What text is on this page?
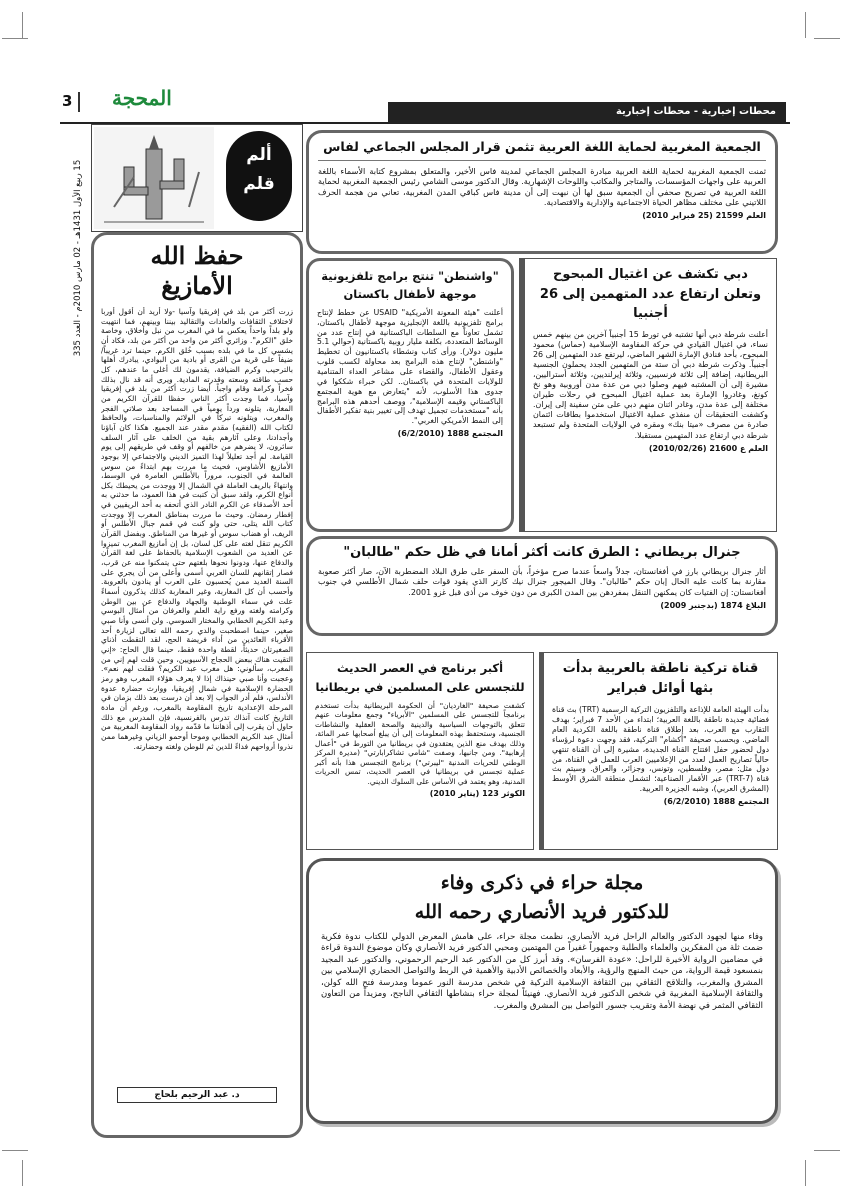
3 المحجة
محطات إخبارية - محطات إخبارية
15 ربيع الأول 1431هـ - 02 مارس 2010م - العدد 335
ألم
قلم
حفظ الله
الأمازيغ

زرت أكثر من بلد في إفريقيا وآسيا -ولا أريد أن أقول أوربا لاختلاف الثقافات والعادات والتقاليد بيننا وبينهم، فما انتهيت ولو بلداً واحداً يعكس ما في المغرب من نبل وأخلاق، وخاصة خلق "الكرم". وزائري أكثر من واحد من أكثر من بلد، فكاد أن يشسي كل ما في بلده بسبب خُلق الكرم. حينما ترد غريباً/ضيفاً على قرية من القرى أو بادية من البوادي، يبادرك أهلها بالترحيب وكرم الضيافة، يقدمون لك أغلى ما عندهم، كل حسب طاقته وسعته وقدرته المادية. ويرى أنه قد نال بذلك فخراً وكرامة وقام واجباً. أيضا زرت أكثر من بلد في إفريقيا وآسيا، فما وجدت أكثر الناس حفظا للقرآن الكريم من المغاربة، يتلونه ورداً يومياً في المساجد بعد صلاتي الفجر والمغرب، ويتلونه تبركاً في الولائم والمناسبات، والحافظ لكتاب الله (الفقيه) مقدم مقدر عند الجميع. هكذا كان آباؤنا وأجدادنا، وعلى آثارهم بقية من الخلف على آثار السلف سائرون، لا يضرهم من خالفهم أو وقف في طريقهم إلى يوم القيامة. لم أجد تعليلاً لهذا التميز الديني والاجتماعي إلا بوجود الأمازيغ الأشاوس، فحيث ما مررت بهم ابتداءً من سوس العالمة في الجنوب، مروراً بالأطلس العامرة في الوسط، وانتهاءً بالريف العاملة في الشمال إلا ووجدت من يحيطك بكل أنواع الكرم، ولقد سبق أن كتبت في هذا العمود، ما حدثني به أحد الأصدقاء عن الكرم النادر الذي أتحفه به أحد الريفيين في إفطار رمضان. وحيث ما مررت بمناطق المغرب إلا ووجدت كتاب الله يتلى، حتى ولو كنت في قمم جبال الأطلس أو الريف، أو هضاب سوس أو غيرها من المناطق. وبفضل القرآن الكريم تنقل لغته على كل لسان، بل إن أمازيغ المغرب تميزوا عن العديد من الشعوب الإسلامية بالحفاظ على لغة القرآن والدفاع عنها، ودونوا نحوها بلغتهم حتى يتمكنوا منه عن قرب، فصار إتقانهم للسان العربي أسمى وأعلى من أن يجري على السنة العديد ممن يُحسبون على العرب أو ينادون بالعروبة. وأحسب أن كل المغاربة، وغير المغاربة كذلك يذكرون أسماءً علت في سماء الوطنية والجهاد والدفاع عن بين الوطن وكرامته ولغته ورفع راية العلم والعرفان من أمثال البوسي وعبد الكريم الخطابي والمختار السوسي. ولن أنسى وأنا صبي صغير، حينما اصطحبت والدي رحمه الله تعالى لزيارة أحد الأقرباء العائدين من أداء فريضة الحج، لقد التقطت أذناي الصغيرتان حديثاً، لقطة واحدة فقط، حينما قال الحاج: «إني التقيت هناك ببعض الحجاج الآسيويين، وحين قلت لهم إني من المغرب، سألوني: هل مغرب عبد الكريم؟ فقلت لهم نعم». وعجبت وأنا صبي حينذاك إذا لا يعرف هؤلاء المغرب وهو رمز الحضارة الإسلامية في شمال إفريقيا، ووارث حضارة عدوة الأندلس، فلم أدر الجواب إلا بعد أن درست بعد ذلك بزمان في المرحلة الإعدادية تاريخ المقاومة بالمغرب، ورغم أن مادة التاريخ كانت آنذاك تدرس بالفرنسية، فإن المدرس مع ذلك حاول أن يقرب إلى أذهاننا ما قدّمه رواد المقاومة المغربية من أمثال عبد الكريم الخطابي وموحا أوحمو الزياني وغيرهما ممن نذروا أرواحهم فداءً للدين ثم للوطن ولغته وحضارته.

د. عبد الرحيم بلحاج
الجمعية المغربية لحماية اللغة العربية تثمن قرار المجلس الجماعي لفاس

ثمنت الجمعية المغربية لحماية اللغة العربية مبادرة المجلس الجماعي لمدينة فاس الأخير، والمتعلق بمشروع كتابة الأسماء باللغة العربية على واجهات المؤسسات، والمتاجر والمكاتب واللوحات الإشهارية. وقال الدكتور موسى الشامي رئيس الجمعية المغربية لحماية اللغة العربية في تصريح صحفي أن الجمعية سبق لها أن نبهت إلى أن مدينة فاس كباقي المدن المغربية، تعاني من هجمة الحرف اللاتيني على مختلف مظاهر الحياة الاجتماعية والإدارية والاقتصادية.

العلم 21599 (25 فبراير 2010)
دبي تكشف عن اغتيال المبحوح وتعلن ارتفاع عدد المتهمين إلى 26 أجنبيا

أعلنت شرطة دبي أنها تشتبه في تورط 15 أجنبياً آخرين من بينهم خمس نساء، في اغتيال القيادي في حركة المقاومة الإسلامية (حماس) محمود المبحوح، بأحد فنادق الإمارة الشهر الماضي، ليرتفع عدد المتهمين إلى 26 أجنبياً. وذكرت شرطة دبي أن ستة من المتهمين الجدد يحملون الجنسية البريطانية، إضافة إلى ثلاثة فرنسيين، وثلاثة إيرلنديين، وثلاثة أستراليين، مشيرة إلى أن المشتبه فيهم وصلوا دبي من عدة مدن أوروبية وهو نخ كونغ، وغادروا الإمارة بعد عملية اغتيال المبحوح في رحلات طيران مختلفة إلى عدة مدن، وغادر اثنان منهم دبي على متن سفينة إلى إيران. وكشفت التحقيقات أن منفذي عملية الاغتيال استخدموا بطاقات ائتمان صادرة من مصرف «ميتا بنك» ومقره في الولايات المتحدة ولم تستبعد شرطة دبي ارتفاع عدد المتهمين مستقبلا.

العلم ع 21600 (2010/02/26)
"واشنطن" تنتج برامج تلفزيونية موجهة لأطفال باكستان

أعلنت "هيئة المعونة الأمريكية" USAID عن خطط لإنتاج برامج تلفزيونية باللغة الإنجليزية موجهة لأطفال باكستان، تشمل تعاوناً مع السلطات الباكستانية في إنتاج عدد من الوسائط المتعددة، بكلفة مليار روبية باكستانية (حوالي 5.1 مليون دولار). ورأى كتاب ونشطاء باكستانيون أن تخطيط "واشنطن" لإنتاج هذه البرامج بعد محاولة لكسب قلوب وعقول الأطفال، والقضاء على مشاعر العداء المتنامية للولايات المتحدة في باكستان.. لكن خبراء شككوا في جدوى هذا الأسلوب، لأنه "يتعارض مع هوية المجتمع الباكستاني وقيمه الإسلامية"، ووصف أحدهم هذه البرامج بأنه "مستخدمات تجميل تهدف إلى تغيير بنية تفكير الأطفال إلى النمط الأمريكي الغربي".

المجتمع 1888 (6/2/2010)
جنرال بريطاني : الطرق كانت أكثر أمانا في ظل حكم "طالبان"

أثار جنرال بريطاني بارز في أفغانستان، جدلاً واسعاً عندما صرح مؤخراً، بأن السفر على طرق البلاد المضطربة الآن، صار أكثر صعوبة مقارنة بما كانت عليه الحال إبان حكم "طالبان". وقال الميجور جنرال نيك كارتر الذي يقود قوات حلف شمال الأطلسي في جنوب أفغانستان: إن الفتيات كان يمكنهن التنقل بمفردهن بين المدن الكبرى من دون خوف من أذى قبل غزو 2001.

البلاغ 1874 (بدجنبر 2009)
قناة تركية ناطقة بالعربية بدأت بثها أوائل فبراير

بدأت الهيئة العامة للإذاعة والتلفزيون التركية الرسمية (TRT) بث قناة فضائية جديدة ناطقة باللغة العربية؛ ابتداء من الأحد 7 فبراير؛ بهدف التقارب مع العرب، بعد إطلاق قناة ناطقة باللغة الكردية العام الماضي. وبحسب صحيفة "أكشام" التركية، فقد وجهت دعوة لرؤساء دول لحضور حفل افتتاح القناة الجديدة، مشيرة إلى أن القناة تنتهي حالياً تصاريح العمل لعدد من الإعلاميين العرب للعمل في القناة، من دول مثل: مصر، وفلسطين، وتونس، وجزائر، والعراق. وسيتم بث قناة (TRT-7) عبر الأقمار الصناعية؛ لتشمل منطقة الشرق الأوسط (المشرق العربي)، وشبه الجزيرة العربية.

المجتمع 1888 (6/2/2010)
أكبر برنامج في العصر الحديث للتجسس على المسلمين في بريطانيا

كشفت صحيفة "الغارديان" أن الحكومة البريطانية بدأت تستخدم برنامجاً للتجسس على المسلمين "الأبرياء" وجمع معلومات عنهم تتعلق بالتوجهات السياسية والدينية والصحة العقلية والنشاطات الجنسية، وستحتفظ بهذه المعلومات إلى أن يبلغ أصحابها عمر المائة، وذلك بهدف منع الذين يعتقدون في بريطانيا من التورط في "أعمال إرهابية". ومن جانبها، وصفت "شامي تشاكرابارتي" (مديرة المركز الوطني للحريات المدنية "ليبرتي") برنامج التجسس هذا بأنه أكبر عملية تجسس في بريطانيا في العصر الحديث، تمس الحريات المدنية، وهو يعتمد في الأساس على السلوك الديني.

الكوثر 123 (يناير 2010)
مجلة حراء في ذكرى وفاء
للدكتور فريد الأنصاري رحمه الله

وفاء منها لجهود الدكتور والعالم الراحل فريد الأنصاري، نظمت مجلة حراء، على هامش المعرض الدولي للكتاب ندوة فكرية ضمت ثلة من المفكرين والعلماء والطلبة وجمهوراً غفيراً من المهتمين ومحبي الدكتور فريد الأنصاري وكان موضوع الندوة قراءة في مضامين الرواية الأخيرة للراحل: «عودة الفرسان». وقد أبرز كل من الدكتور عبد الرحيم الرحموني، والدكتور عبد المجيد بنمسعود قيمة الرواية، من حيث المنهج والرؤية، والأبعاد والخصائص الأدبية والأهمية في الربط والتواصل الحضاري الإسلامي بين المشرق والمغرب، والتلاقح الثقافي بين الثقافة الإسلامية التركية في شخص مدرسة النور عموما ومدرسة فتح الله كولن، والثقافة الإسلامية المغربية في شخص الدكتور فريد الأنصاري. فهنيئاً لمجلة حراء بنشاطها الثقافي الناجح، ومزيداً من التعاون الثقافي المثمر في نهضة الأمة وتقريب جسور التواصل بين المشرق والمغرب.
